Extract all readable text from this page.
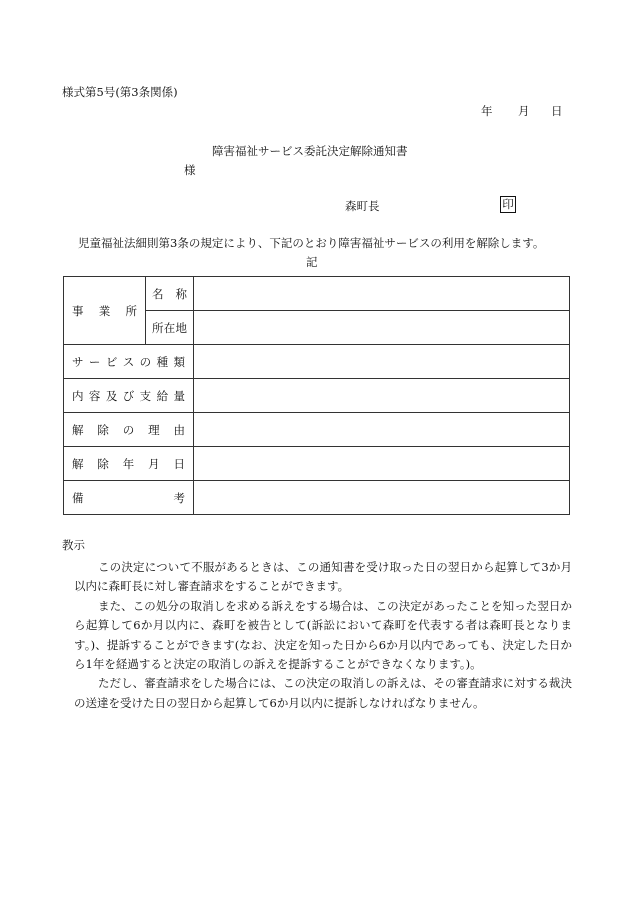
様式第5号(第3条関係)
年 月 日
障害福祉サービス委託決定解除通知書
様
森町長	印
児童福祉法細則第3条の規定により、下記のとおり障害福祉サービスの利用を解除します。
記
事　業　所	名　称	
	所在地	
サービスの種類		
内容及び支給量		
解除の理由		
解除年月日		
備　　考		
教示

この決定について不服があるときは、この通知書を受け取った日の翌日から起算して3か月以内に森町長に対し審査請求をすることができます。

また、この処分の取消しを求める訴えをする場合は、この決定があったことを知った翌日から起算して6か月以内に、森町を被告として(訴訟において森町を代表する者は森町長となります。)、提訴することができます(なお、決定を知った日から6か月以内であっても、決定した日から1年を経過すると決定の取消しの訴えを提訴することができなくなります。)。

ただし、審査請求をした場合には、この決定の取消しの訴えは、その審査請求に対する裁決の送達を受けた日の翌日から起算して6か月以内に提訴しなければなりません。
